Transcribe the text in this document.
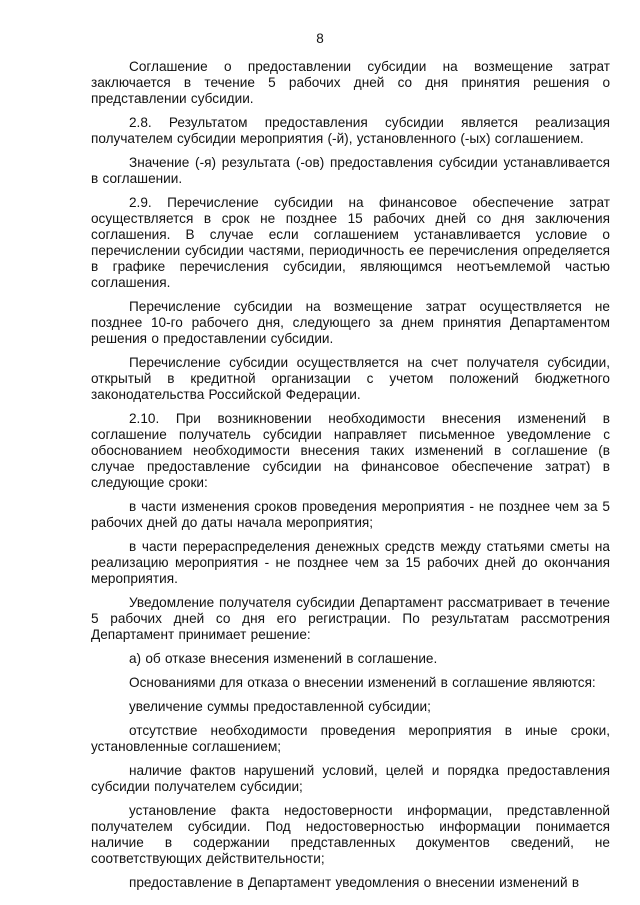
8

Соглашение о предоставлении субсидии на возмещение затрат заключается в течение 5 рабочих дней со дня принятия решения о представлении субсидии.

2.8. Результатом предоставления субсидии является реализация получателем субсидии мероприятия (-й), установленного (-ых) соглашением.

Значение (-я) результата (-ов) предоставления субсидии устанавливается в соглашении.

2.9. Перечисление субсидии на финансовое обеспечение затрат осуществляется в срок не позднее 15 рабочих дней со дня заключения соглашения. В случае если соглашением устанавливается условие о перечислении субсидии частями, периодичность ее перечисления определяется в графике перечисления субсидии, являющимся неотъемлемой частью соглашения.

Перечисление субсидии на возмещение затрат осуществляется не позднее 10-го рабочего дня, следующего за днем принятия Департаментом решения о предоставлении субсидии.

Перечисление субсидии осуществляется на счет получателя субсидии, открытый в кредитной организации с учетом положений бюджетного законодательства Российской Федерации.

2.10. При возникновении необходимости внесения изменений в соглашение получатель субсидии направляет письменное уведомление с обоснованием необходимости внесения таких изменений в соглашение (в случае предоставление субсидии на финансовое обеспечение затрат) в следующие сроки:

в части изменения сроков проведения мероприятия - не позднее чем за 5 рабочих дней до даты начала мероприятия;

в части перераспределения денежных средств между статьями сметы на реализацию мероприятия - не позднее чем за 15 рабочих дней до окончания мероприятия.

Уведомление получателя субсидии Департамент рассматривает в течение 5 рабочих дней со дня его регистрации. По результатам рассмотрения Департамент принимает решение:

а) об отказе внесения изменений в соглашение.

Основаниями для отказа о внесении изменений в соглашение являются:

увеличение суммы предоставленной субсидии;

отсутствие необходимости проведения мероприятия в иные сроки, установленные соглашением;

наличие фактов нарушений условий, целей и порядка предоставления субсидии получателем субсидии;

установление факта недостоверности информации, представленной получателем субсидии. Под недостоверностью информации понимается наличие в содержании представленных документов сведений, не соответствующих действительности;

предоставление в Департамент уведомления о внесении изменений в
